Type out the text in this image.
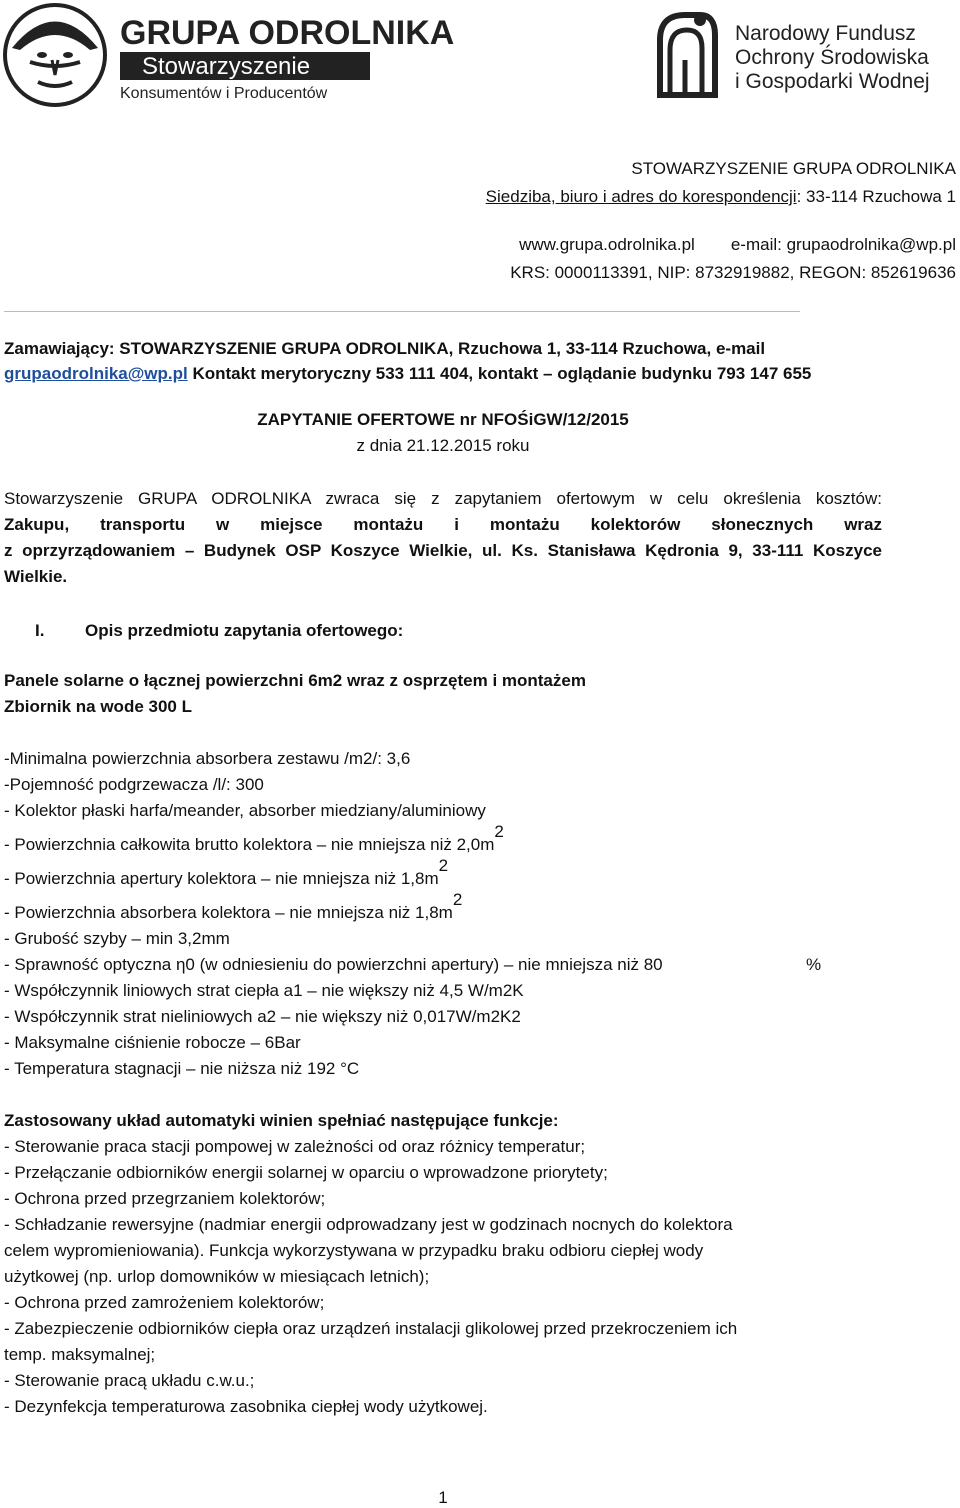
GRUPA ODROLNIKA
Stowarzyszenie
Konsumentów i Producentów
Narodowy Fundusz
Ochrony Środowiska
i Gospodarki Wodnej
STOWARZYSZENIE GRUPA ODROLNIKA
Siedziba, biuro i adres do korespondencji: 33-114 Rzuchowa 1
www.grupa.odrolnika.pl e-mail: grupaodrolnika@wp.pl
KRS: 0000113391, NIP: 8732919882, REGON: 852619636
Zamawiający: STOWARZYSZENIE GRUPA ODROLNIKA, Rzuchowa 1, 33-114 Rzuchowa, e-mail
grupaodrolnika@wp.pl Kontakt merytoryczny 533 111 404, kontakt – oglądanie budynku 793 147 655
ZAPYTANIE OFERTOWE nr NFOŚiGW/12/2015
z dnia 21.12.2015 roku
Stowarzyszenie GRUPA ODROLNIKA zwraca się z zapytaniem ofertowym w celu określenia kosztów:
Zakupu, transportu w miejsce montażu i montażu kolektorów słonecznych wraz
z oprzyrządowaniem – Budynek OSP Koszyce Wielkie, ul. Ks. Stanisława Kędronia 9, 33-111 Koszyce
Wielkie.
I. Opis przedmiotu zapytania ofertowego:
Panele solarne o łącznej powierzchni 6m2 wraz z osprzętem i montażem
Zbiornik na wode 300 L
-Minimalna powierzchnia absorbera zestawu /m2/: 3,6
-Pojemność podgrzewacza /l/: 300
- Kolektor płaski harfa/meander, absorber miedziany/aluminiowy
- Powierzchnia całkowita brutto kolektora – nie mniejsza niż $2,0m^2$
- Powierzchnia apertury kolektora – nie mniejsza niż $1,8m^2$
- Powierzchnia absorbera kolektora – nie mniejsza niż $1,8m^2$
- Grubość szyby – min 3,2mm
- Sprawność optyczna η0 (w odniesieniu do powierzchni apertury) – nie mniejsza niż 80	%
- Współczynnik liniowych strat ciepła a1 – nie większy niż 4,5 W/m2K
- Współczynnik strat nieliniowych a2 – nie większy niż 0,017W/m2K2
- Maksymalne ciśnienie robocze – 6Bar
- Temperatura stagnacji – nie niższa niż 192 °C
Zastosowany układ automatyki winien spełniać następujące funkcje:
- Sterowanie praca stacji pompowej w zależności od oraz różnicy temperatur;
- Przełączanie odbiorników energii solarnej w oparciu o wprowadzone priorytety;
- Ochrona przed przegrzaniem kolektorów;
- Schładzanie rewersyjne (nadmiar energii odprowadzany jest w godzinach nocnych do kolektora
celem wypromieniowania). Funkcja wykorzystywana w przypadku braku odbioru ciepłej wody
użytkowej (np. urlop domowników w miesiącach letnich);
- Ochrona przed zamrożeniem kolektorów;
- Zabezpieczenie odbiorników ciepła oraz urządzeń instalacji glikolowej przed przekroczeniem ich
temp. maksymalnej;
- Sterowanie pracą układu c.w.u.;
- Dezynfekcja temperaturowa zasobnika ciepłej wody użytkowej.
1
